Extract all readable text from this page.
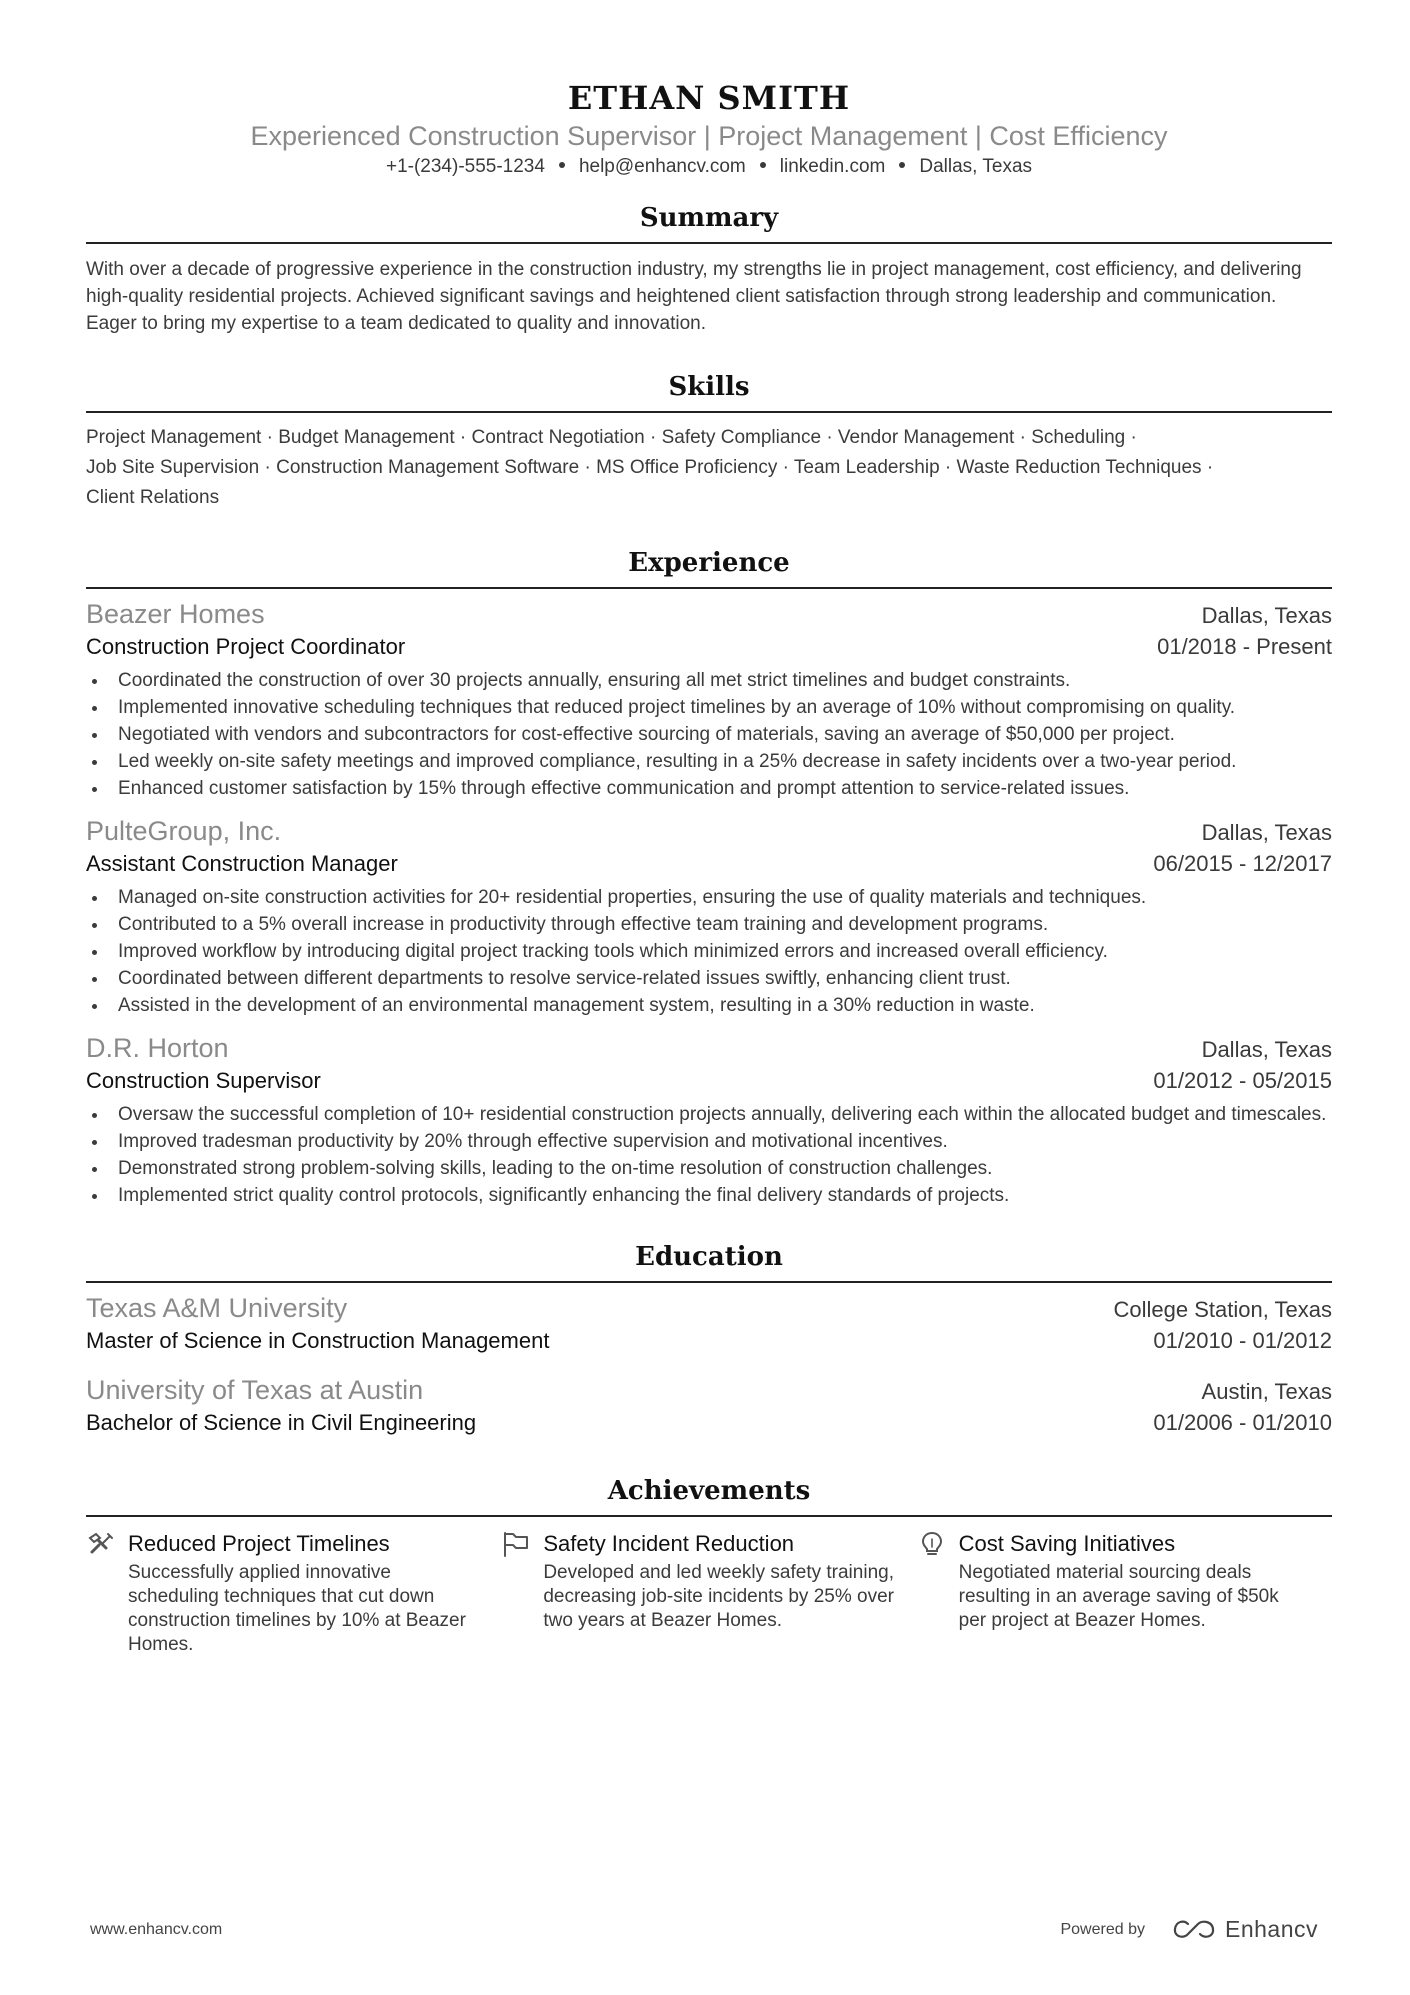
ETHAN SMITH
Experienced Construction Supervisor | Project Management | Cost Efficiency
+1-(234)-555-1234 help@enhancv.com linkedin.com Dallas, Texas
Summary
With over a decade of progressive experience in the construction industry, my strengths lie in project management, cost efficiency, and delivering high-quality residential projects. Achieved significant savings and heightened client satisfaction through strong leadership and communication. Eager to bring my expertise to a team dedicated to quality and innovation.
Skills
Project Management · Budget Management · Contract Negotiation · Safety Compliance · Vendor Management · Scheduling ·
Job Site Supervision · Construction Management Software · MS Office Proficiency · Team Leadership · Waste Reduction Techniques ·
Client Relations
Experience
Beazer Homes	Dallas, Texas
Construction Project Coordinator	01/2018 - Present
Coordinated the construction of over 30 projects annually, ensuring all met strict timelines and budget constraints.
Implemented innovative scheduling techniques that reduced project timelines by an average of 10% without compromising on quality.
Negotiated with vendors and subcontractors for cost-effective sourcing of materials, saving an average of $50,000 per project.
Led weekly on-site safety meetings and improved compliance, resulting in a 25% decrease in safety incidents over a two-year period.
Enhanced customer satisfaction by 15% through effective communication and prompt attention to service-related issues.
PulteGroup, Inc.	Dallas, Texas
Assistant Construction Manager	06/2015 - 12/2017
Managed on-site construction activities for 20+ residential properties, ensuring the use of quality materials and techniques.
Contributed to a 5% overall increase in productivity through effective team training and development programs.
Improved workflow by introducing digital project tracking tools which minimized errors and increased overall efficiency.
Coordinated between different departments to resolve service-related issues swiftly, enhancing client trust.
Assisted in the development of an environmental management system, resulting in a 30% reduction in waste.
D.R. Horton	Dallas, Texas
Construction Supervisor	01/2012 - 05/2015
Oversaw the successful completion of 10+ residential construction projects annually, delivering each within the allocated budget and timescales.
Improved tradesman productivity by 20% through effective supervision and motivational incentives.
Demonstrated strong problem-solving skills, leading to the on-time resolution of construction challenges.
Implemented strict quality control protocols, significantly enhancing the final delivery standards of projects.
Education
Texas A&M University	College Station, Texas
Master of Science in Construction Management	01/2010 - 01/2012
University of Texas at Austin	Austin, Texas
Bachelor of Science in Civil Engineering	01/2006 - 01/2010
Achievements
Reduced Project Timelines
Successfully applied innovative scheduling techniques that cut down construction timelines by 10% at Beazer Homes.
Safety Incident Reduction
Developed and led weekly safety training, decreasing job-site incidents by 25% over two years at Beazer Homes.
Cost Saving Initiatives
Negotiated material sourcing deals resulting in an average saving of $50k per project at Beazer Homes.
www.enhancv.com	Powered by	Enhancv
